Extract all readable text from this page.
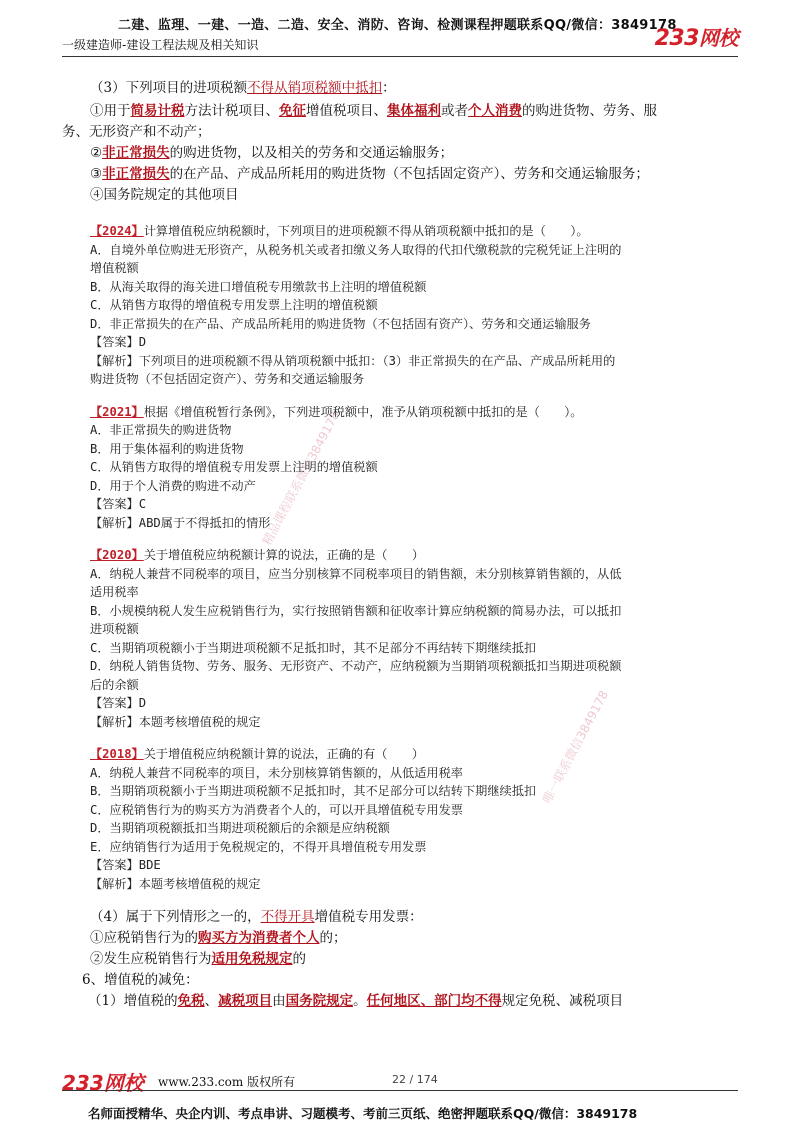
二建、监理、一建、一造、二造、安全、消防、咨询、检测课程押题联系QQ/微信：3849178
一级建造师-建设工程法规及相关知识	233网校
精品课程联系微信3849178
唯一联系微信3849178

（3）下列项目的进项税额不得从销项税额中抵扣：

①用于简易计税方法计税项目、免征增值税项目、集体福利或者个人消费的购进货物、劳务、服

务、无形资产和不动产；

②非正常损失的购进货物，以及相关的劳务和交通运输服务；

③非正常损失的在产品、产成品所耗用的购进货物（不包括固定资产）、劳务和交通运输服务；

④国务院规定的其他项目

【2024】计算增值税应纳税额时，下列项目的进项税额不得从销项税额中抵扣的是（　　）。

A．自境外单位购进无形资产，从税务机关或者扣缴义务人取得的代扣代缴税款的完税凭证上注明的

增值税额

B．从海关取得的海关进口增值税专用缴款书上注明的增值税额

C．从销售方取得的增值税专用发票上注明的增值税额

D．非正常损失的在产品、产成品所耗用的购进货物（不包括固有资产）、劳务和交通运输服务

【答案】D

【解析】下列项目的进项税额不得从销项税额中抵扣：（3）非正常损失的在产品、产成品所耗用的

购进货物（不包括固定资产）、劳务和交通运输服务

【2021】根据《增值税暂行条例》，下列进项税额中，准予从销项税额中抵扣的是（　　）。

A．非正常损失的购进货物

B．用于集体福利的购进货物

C．从销售方取得的增值税专用发票上注明的增值税额

D．用于个人消费的购进不动产

【答案】C

【解析】ABD属于不得抵扣的情形

【2020】关于增值税应纳税额计算的说法，正确的是（　　）

A．纳税人兼营不同税率的项目，应当分别核算不同税率项目的销售额，未分别核算销售额的，从低

适用税率

B．小规模纳税人发生应税销售行为，实行按照销售额和征收率计算应纳税额的简易办法，可以抵扣

进项税额

C．当期销项税额小于当期进项税额不足抵扣时，其不足部分不再结转下期继续抵扣

D．纳税人销售货物、劳务、服务、无形资产、不动产，应纳税额为当期销项税额抵扣当期进项税额

后的余额

【答案】D

【解析】本题考核增值税的规定

【2018】关于增值税应纳税额计算的说法，正确的有（　　）

A．纳税人兼营不同税率的项目，未分别核算销售额的，从低适用税率

B．当期销项税额小于当期进项税额不足抵扣时，其不足部分可以结转下期继续抵扣

C．应税销售行为的购买方为消费者个人的，可以开具增值税专用发票

D．当期销项税额抵扣当期进项税额后的余额是应纳税额

E．应纳销售行为适用于免税规定的，不得开具增值税专用发票

【答案】BDE

【解析】本题考核增值税的规定

（4）属于下列情形之一的，不得开具增值税专用发票：

①应税销售行为的购买方为消费者个人的；

②发生应税销售行为适用免税规定的

6、增值税的减免：

（1）增值税的免税、减税项目由国务院规定。任何地区、部门均不得规定免税、减税项目

233网校 www.233.com 版权所有	22 / 174
名师面授精华、央企内训、考点串讲、习题模考、考前三页纸、绝密押题联系QQ/微信：3849178
